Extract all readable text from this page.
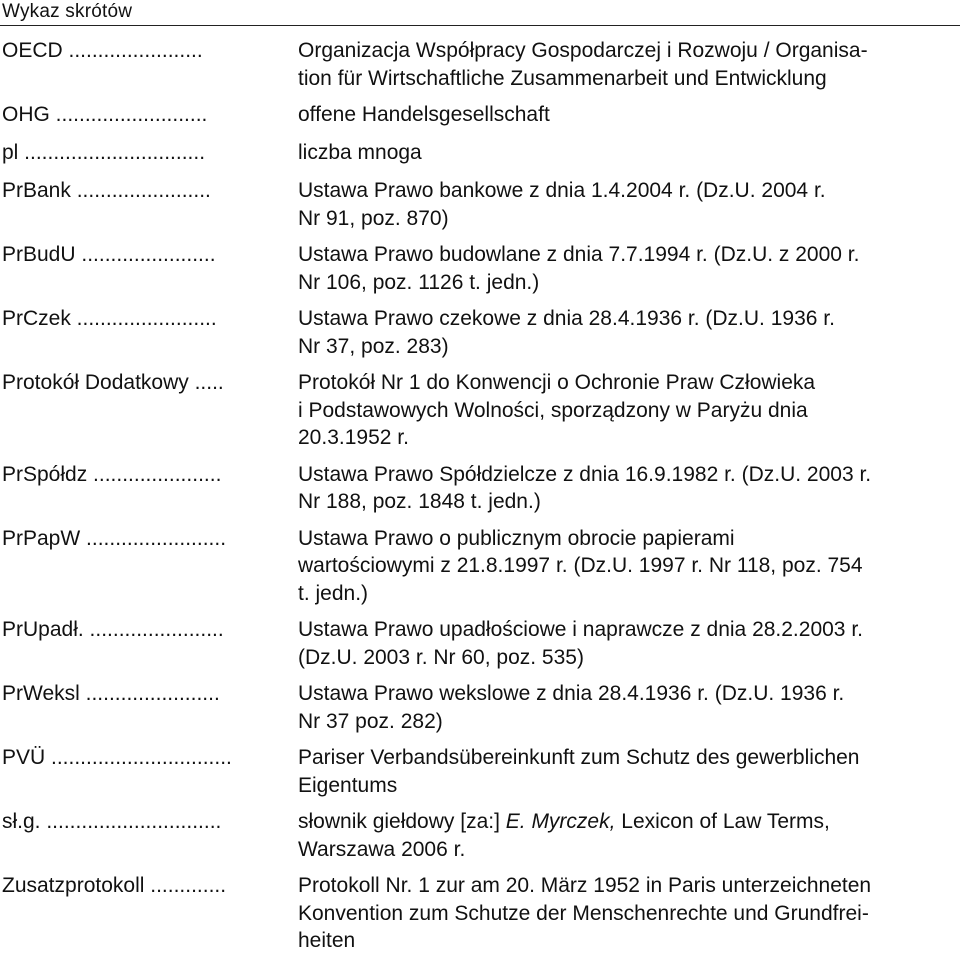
Wykaz skrótów
OECD .......................	Organizacja Współpracy Gospodarczej i Rozwoju / Organisa-
tion für Wirtschaftliche Zusammenarbeit und Entwicklung
OHG ..........................	offene Handelsgesellschaft
pl ...............................	liczba mnoga
PrBank .......................	Ustawa Prawo bankowe z dnia 1.4.2004 r. (Dz.U. 2004 r.
Nr 91, poz. 870)
PrBudU .......................	Ustawa Prawo budowlane z dnia 7.7.1994 r. (Dz.U. z 2000 r.
Nr 106, poz. 1126 t. jedn.)
PrCzek ........................	Ustawa Prawo czekowe z dnia 28.4.1936 r. (Dz.U. 1936 r.
Nr 37, poz. 283)
Protokół Dodatkowy .....	Protokół Nr 1 do Konwencji o Ochronie Praw Człowieka
i Podstawowych Wolności, sporządzony w Paryżu dnia
20.3.1952 r.
PrSpółdz ......................	Ustawa Prawo Spółdzielcze z dnia 16.9.1982 r. (Dz.U. 2003 r.
Nr 188, poz. 1848 t. jedn.)
PrPapW ........................	Ustawa Prawo o publicznym obrocie papierami
wartościowymi z 21.8.1997 r. (Dz.U. 1997 r. Nr 118, poz. 754
t. jedn.)
PrUpadł. .......................	Ustawa Prawo upadłościowe i naprawcze z dnia 28.2.2003 r.
(Dz.U. 2003 r. Nr 60, poz. 535)
PrWeksl .......................	Ustawa Prawo wekslowe z dnia 28.4.1936 r. (Dz.U. 1936 r.
Nr 37 poz. 282)
PVÜ ...............................	Pariser Verbandsübereinkunft zum Schutz des gewerblichen
Eigentums
sł.g. ..............................	słownik giełdowy [za:] E. Myrczek, Lexicon of Law Terms,
Warszawa 2006 r.
Zusatzprotokoll .............	Protokoll Nr. 1 zur am 20. März 1952 in Paris unterzeichneten
Konvention zum Schutze der Menschenrechte und Grundfrei-
heiten
